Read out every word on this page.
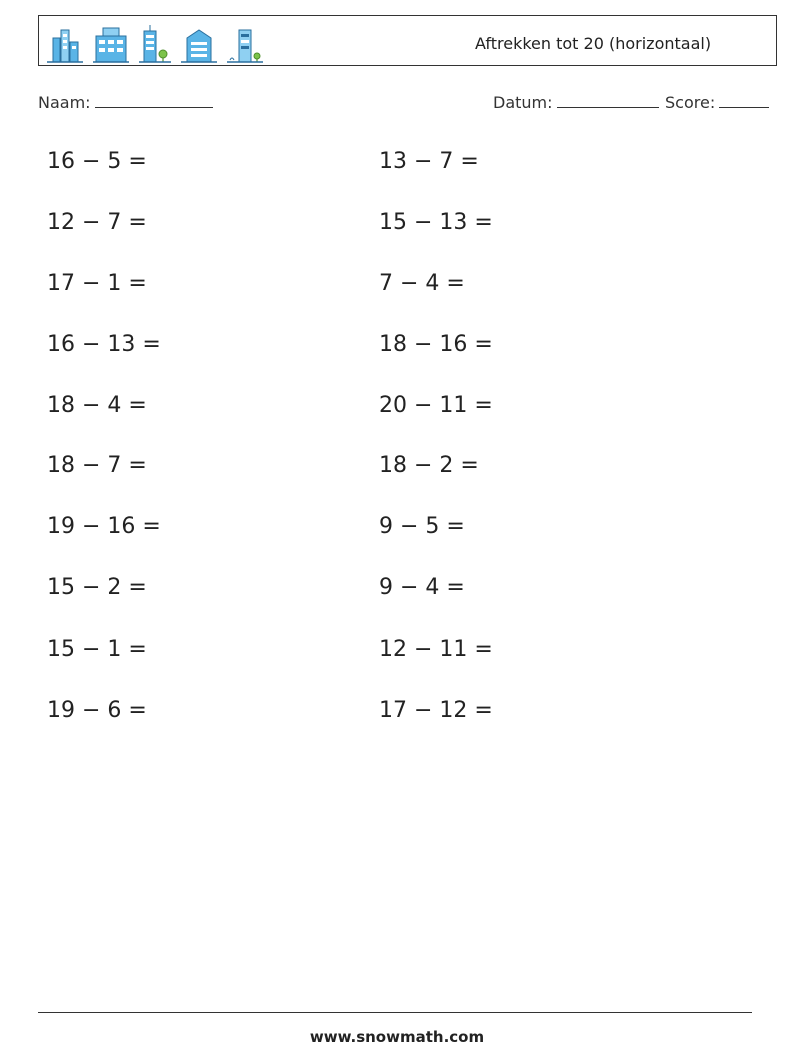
Aftrekken tot 20 (horizontaal)
Naam:	Datum:	Score:
16 − 5 =
12 − 7 =
17 − 1 =
16 − 13 =
18 − 4 =
18 − 7 =
19 − 16 =
15 − 2 =
15 − 1 =
19 − 6 =
13 − 7 =
15 − 13 =
7 − 4 =
18 − 16 =
20 − 11 =
18 − 2 =
9 − 5 =
9 − 4 =
12 − 11 =
17 − 12 =
www.snowmath.com
